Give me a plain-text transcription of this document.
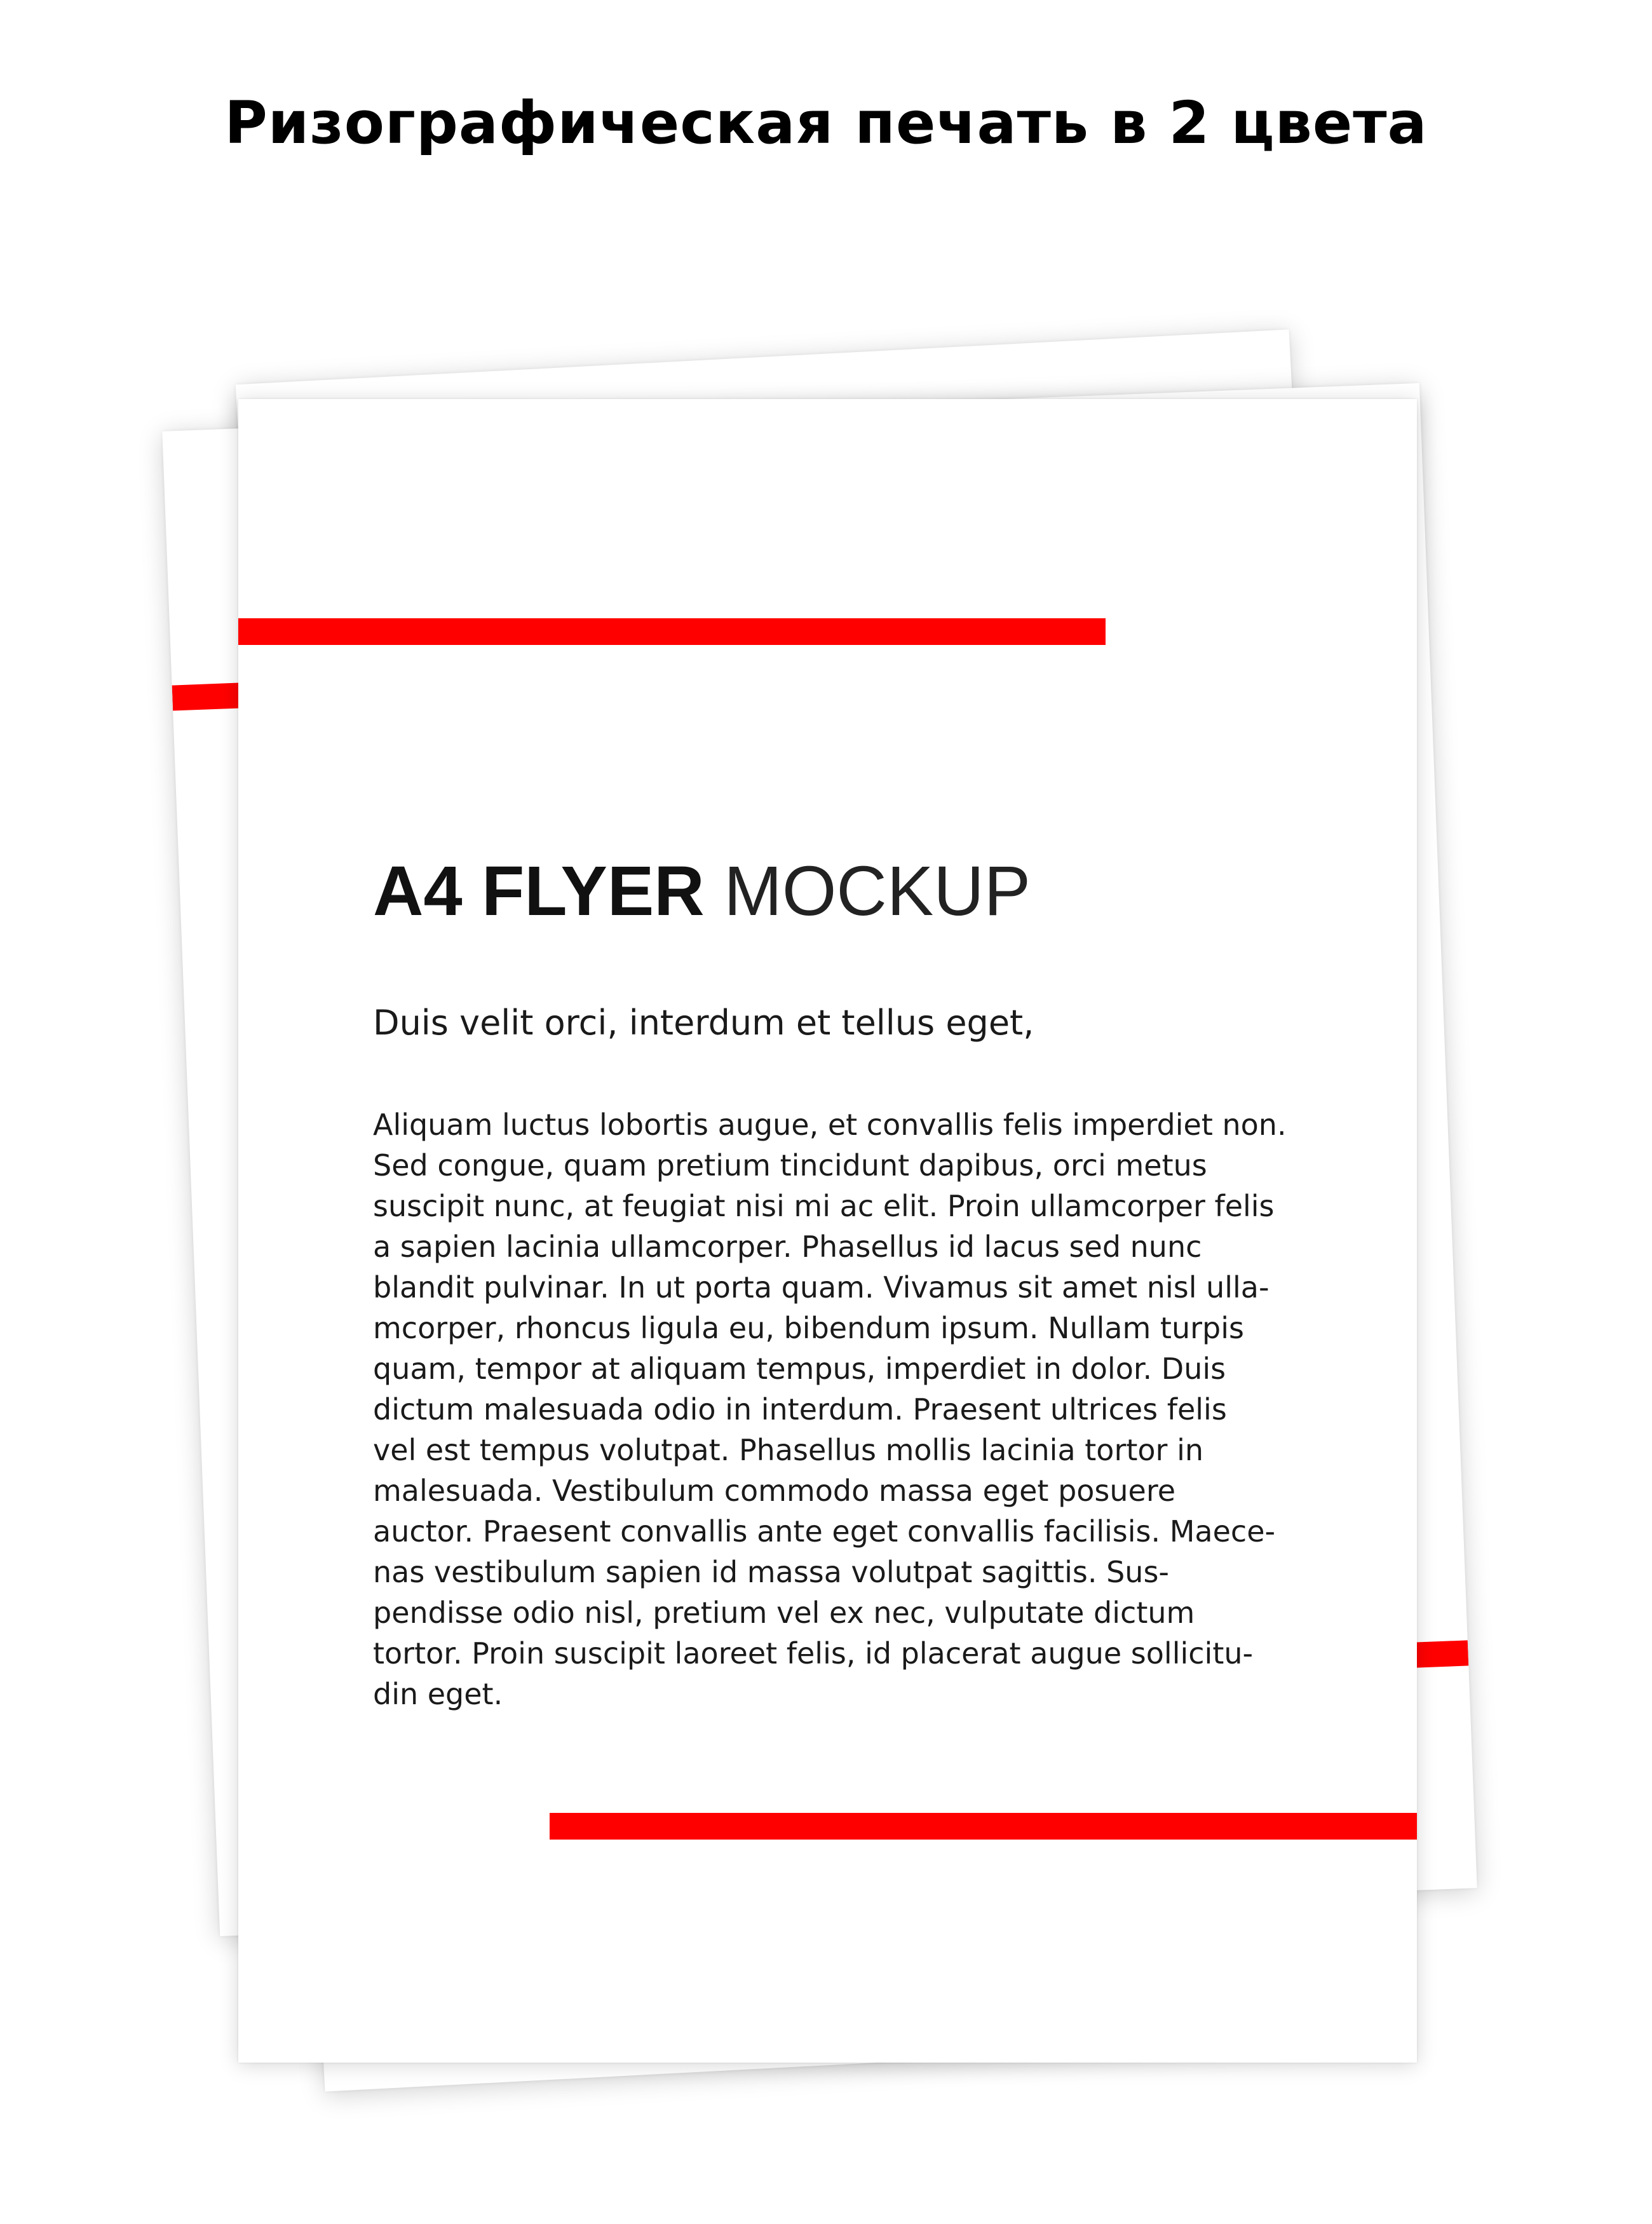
Ризографическая печать в 2 цвета
A4 FLYER MOCKUP
Duis velit orci, interdum et tellus eget,
Aliquam luctus lobortis augue, et convallis felis imperdiet non.
Sed congue, quam pretium tincidunt dapibus, orci metus
suscipit nunc, at feugiat nisi mi ac elit. Proin ullamcorper felis
a sapien lacinia ullamcorper. Phasellus id lacus sed nunc
blandit pulvinar. In ut porta quam. Vivamus sit amet nisl ulla-
mcorper, rhoncus ligula eu, bibendum ipsum. Nullam turpis
quam, tempor at aliquam tempus, imperdiet in dolor. Duis
dictum malesuada odio in interdum. Praesent ultrices felis
vel est tempus volutpat. Phasellus mollis lacinia tortor in
malesuada. Vestibulum commodo massa eget posuere
auctor. Praesent convallis ante eget convallis facilisis. Maece-
nas vestibulum sapien id massa volutpat sagittis. Sus-
pendisse odio nisl, pretium vel ex nec, vulputate dictum
tortor. Proin suscipit laoreet felis, id placerat augue sollicitu-
din eget.
